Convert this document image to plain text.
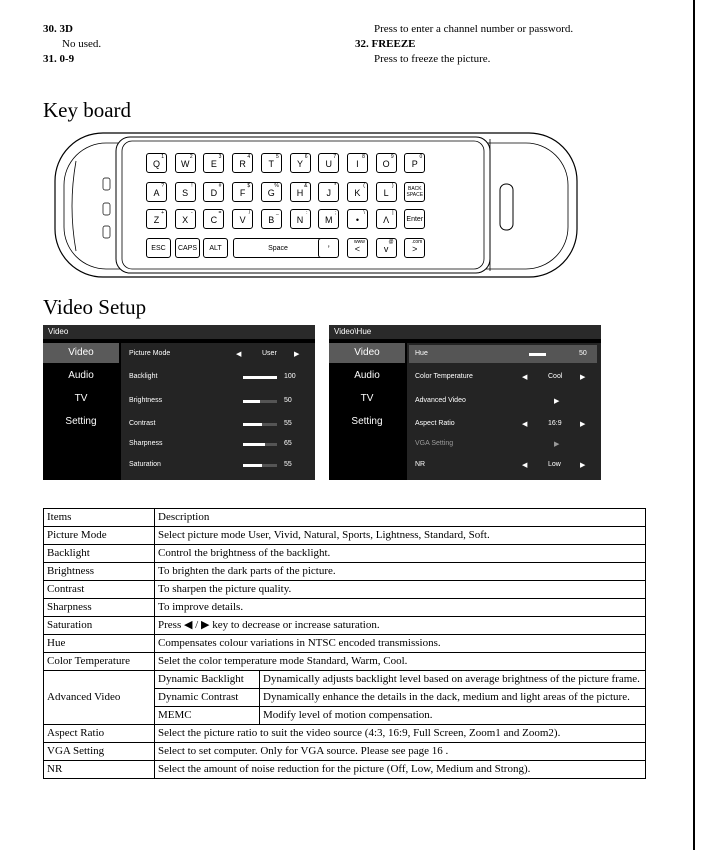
30. 3D
No used.
31. 0-9
Press to enter a channel number or password.
32. FREEZE
Press to freeze the picture.
Key board
Q
1
W
2
E
3
R
4
T
5
Y
6
U
7
I
8
O
9
P
0
A
?
S
!
D
#
F
$
G
%
H
&
J
*
K
(
L
)	BACK SPACE
Z
+
X
-
C
=
V
/
B
_
N
:
M
;
•
\
Λ
|
Enter
ESC	CAPS	ALT	Space	’	<
www
v
@
>
.com
Video Setup
Video
Video
Audio
TV
Setting
Picture Mode	◀	User ▶
Backlight	100
Brightness	50
Contrast	55
Sharpness	65
Saturation	55
Video\Hue
Video
Audio
TV
Setting
Hue	50
Color Temperature	◀	Cool	▶
Advanced Video	▶
Aspect Ratio	◀	16:9	▶
VGA Setting	▶
NR	◀	Low	▶
Items	Description	
Picture Mode	Select picture mode User, Vivid, Natural, Sports, Lightness, Standard, Soft.	
Backlight	Control the brightness of the backlight.	
Brightness	To brighten the dark parts of the picture.	
Contrast	To sharpen the picture quality.	
Sharpness	To improve details.	
Saturation	Press ◀ / ▶ key to decrease or increase saturation.	
Hue	Compensates colour variations in NTSC encoded transmissions.	
Color Temperature	Selet the color temperature mode Standard, Warm, Cool.	
Advanced Video	Dynamic Backlight	Dynamically adjusts backlight level based on average brightness of the picture frame.
	Dynamic Contrast	Dynamically enhance the details in the dack, medium and light areas of the picture.
	MEMC	Modify level of motion compensation.
Aspect Ratio	Select the picture ratio to suit the video source (4:3, 16:9, Full Screen, Zoom1 and Zoom2).	
VGA Setting	Select to set computer. Only for VGA source. Please see page 16 .	
NR	Select the amount of noise reduction for the picture (Off, Low, Medium and Strong).	
